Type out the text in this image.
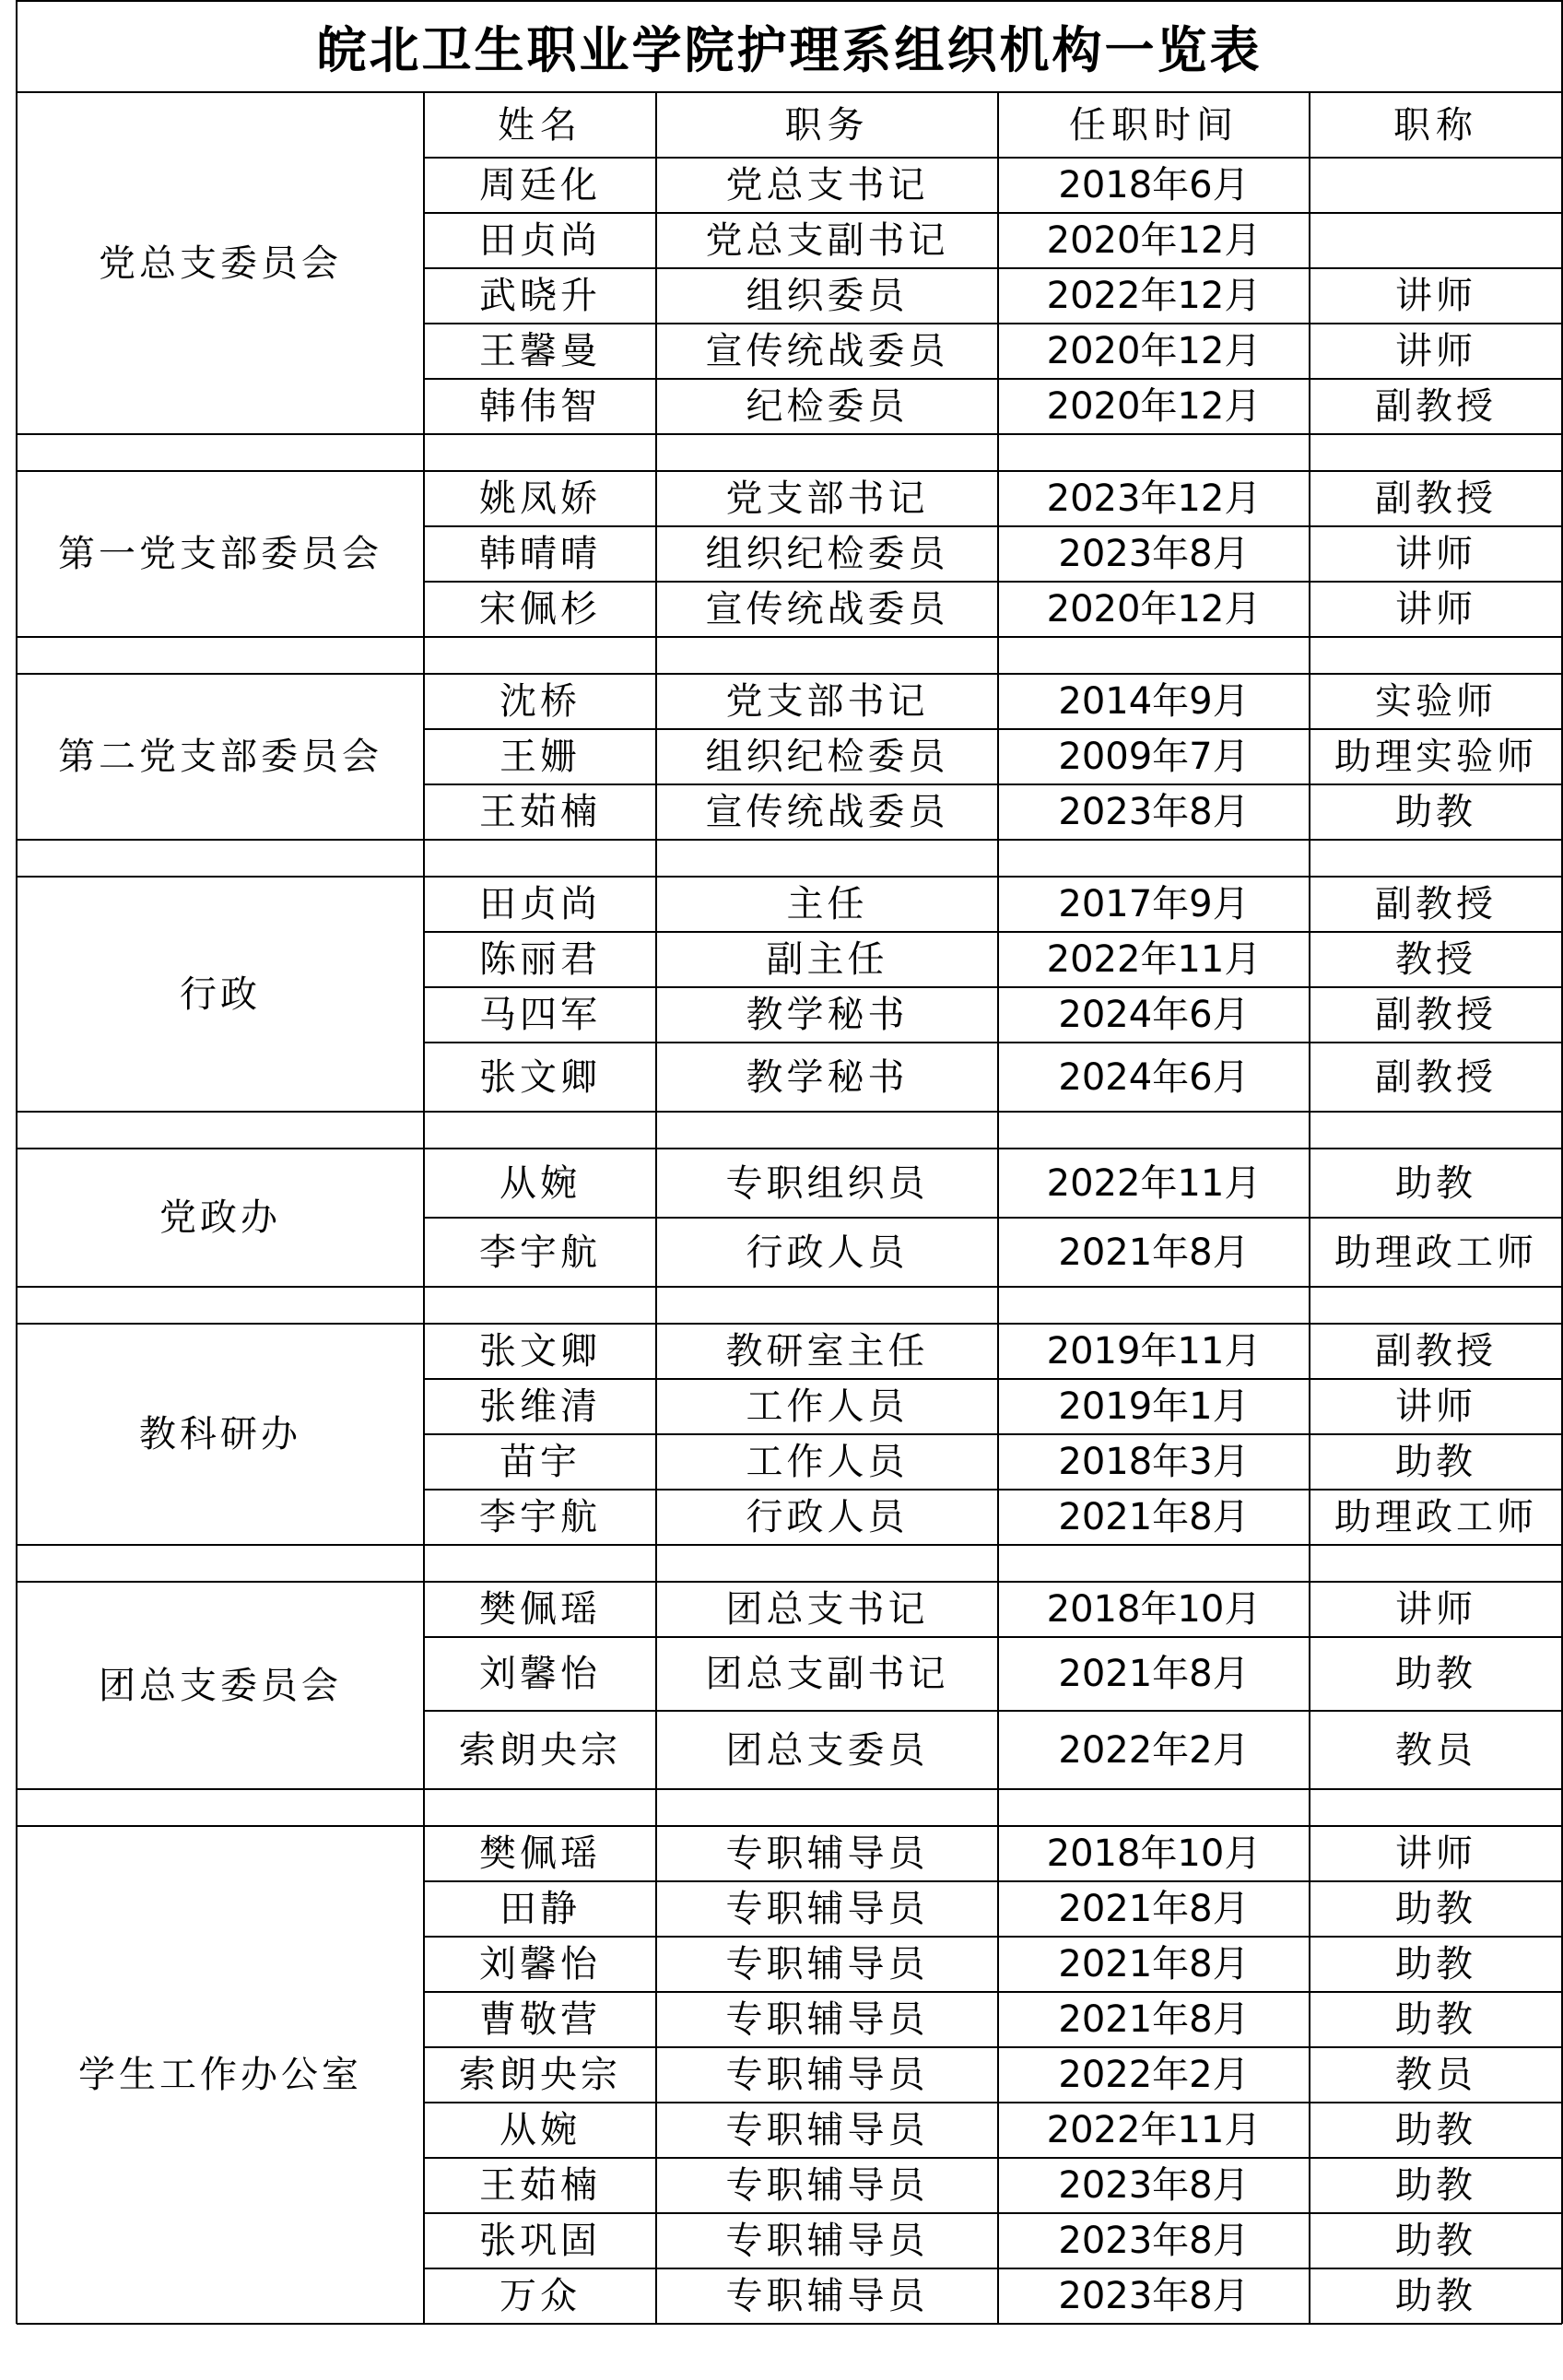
皖北卫生职业学院护理系组织机构一览表
姓名	职务	任职时间	职称
周廷化	党总支书记	2018年6月
田贞尚	党总支副书记	2020年12月
武晓升	组织委员	2022年12月	讲师
王馨曼	宣传统战委员	2020年12月	讲师
韩伟智	纪检委员	2020年12月	副教授
党总支委员会
姚凤娇	党支部书记	2023年12月	副教授
韩晴晴	组织纪检委员	2023年8月	讲师
宋佩杉	宣传统战委员	2020年12月	讲师
第一党支部委员会
沈桥	党支部书记	2014年9月	实验师
王姗	组织纪检委员	2009年7月	助理实验师
王茹楠	宣传统战委员	2023年8月	助教
第二党支部委员会
田贞尚	主任	2017年9月	副教授
陈丽君	副主任	2022年11月	教授
马四军	教学秘书	2024年6月	副教授
张文卿	教学秘书	2024年6月	副教授
行政
从婉	专职组织员	2022年11月	助教
李宇航	行政人员	2021年8月	助理政工师
党政办
张文卿	教研室主任	2019年11月	副教授
张维清	工作人员	2019年1月	讲师
苗宇	工作人员	2018年3月	助教
李宇航	行政人员	2021年8月	助理政工师
教科研办
樊佩瑶	团总支书记	2018年10月	讲师
刘馨怡	团总支副书记	2021年8月	助教
索朗央宗	团总支委员	2022年2月	教员
团总支委员会
樊佩瑶	专职辅导员	2018年10月	讲师
田静	专职辅导员	2021年8月	助教
刘馨怡	专职辅导员	2021年8月	助教
曹敬营	专职辅导员	2021年8月	助教
索朗央宗	专职辅导员	2022年2月	教员
从婉	专职辅导员	2022年11月	助教
王茹楠	专职辅导员	2023年8月	助教
张巩固	专职辅导员	2023年8月	助教
万众	专职辅导员	2023年8月	助教
学生工作办公室
